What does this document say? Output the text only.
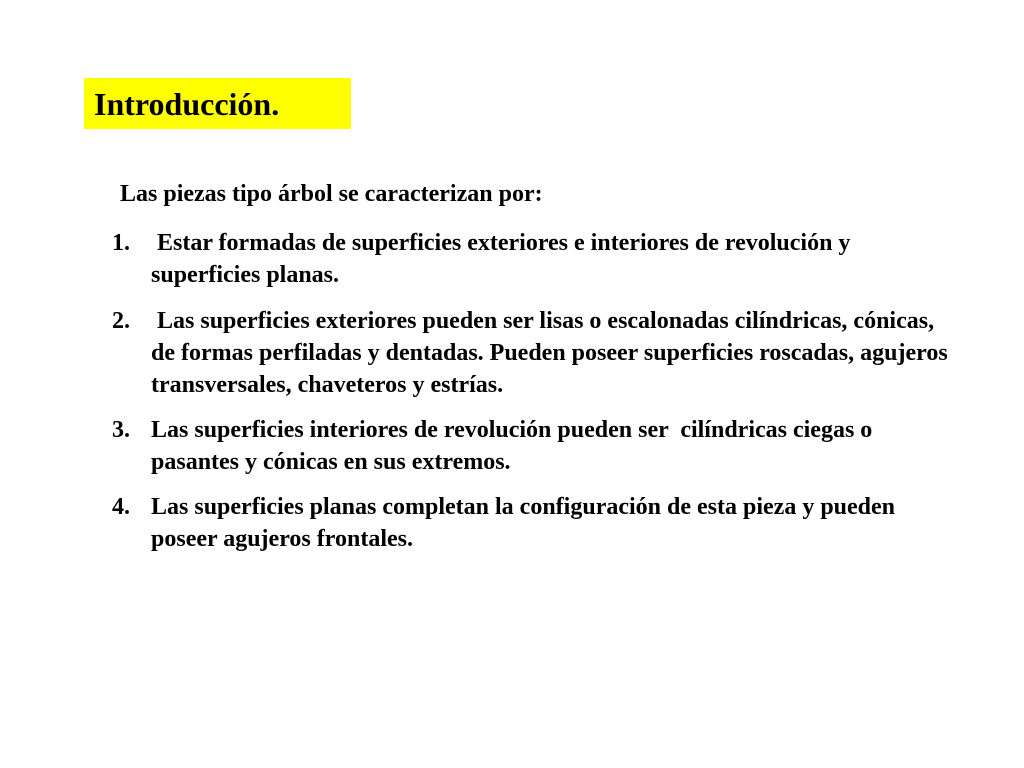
Introducción.
Las piezas tipo árbol se caracterizan por:
1. Estar formadas de superficies exteriores e interiores de revolución y superficies planas.
2. Las superficies exteriores pueden ser lisas o escalonadas cilíndricas, cónicas, de formas perfiladas y dentadas. Pueden poseer superficies roscadas, agujeros transversales, chaveteros y estrías.
3. Las superficies interiores de revolución pueden ser  cilíndricas ciegas o pasantes y cónicas en sus extremos.
4. Las superficies planas completan la configuración de esta pieza y pueden poseer agujeros frontales.
